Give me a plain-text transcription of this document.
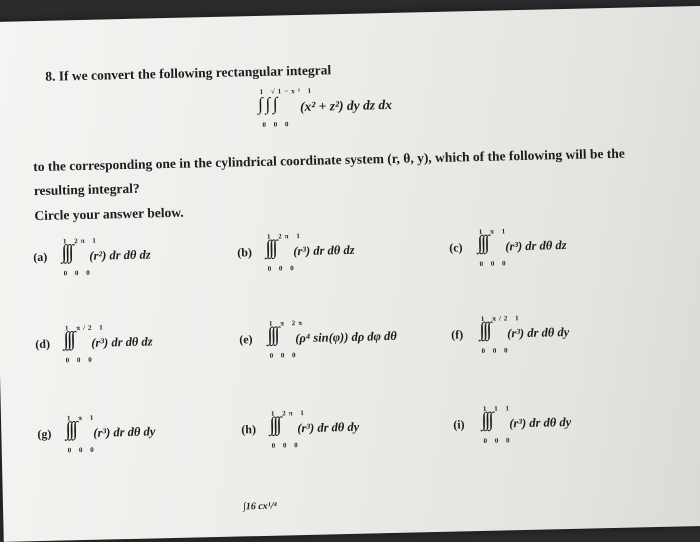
8. If we convert the following rectangular integral
1 √1−x² 1
∫ ∫ ∫ (x² + z²) dy dz dx
0 0 0
to the corresponding one in the cylindrical coordinate system (r, θ, y), which of the following will be the
resulting integral?
Circle your answer below.
(a)
1 2π 1
∫∫∫ (r²) dr dθ dz
0 0 0
(b)
1 2π 1
∫∫∫ (r³) dr dθ dz
0 0 0
(c)
1 π 1
∫∫∫ (r³) dr dθ dz
0 0 0
(d)
1 π/2 1
∫∫∫ (r³) dr dθ dz
0 0 0
(e)
1 π 2π
∫∫∫ (ρ⁴ sin(φ)) dρ dφ dθ
0 0 0
(f)
1 π/2 1
∫∫∫ (r³) dr dθ dy
0 0 0
(g)
1 π 1
∫∫∫ (r³) dr dθ dy
0 0 0
(h)
1 2π 1
∫∫∫ (r³) dr dθ dy
0 0 0
(i)
1 1 1
∫∫∫ (r³) dr dθ dy
0 0 0
∫16 cx¹/⁴
